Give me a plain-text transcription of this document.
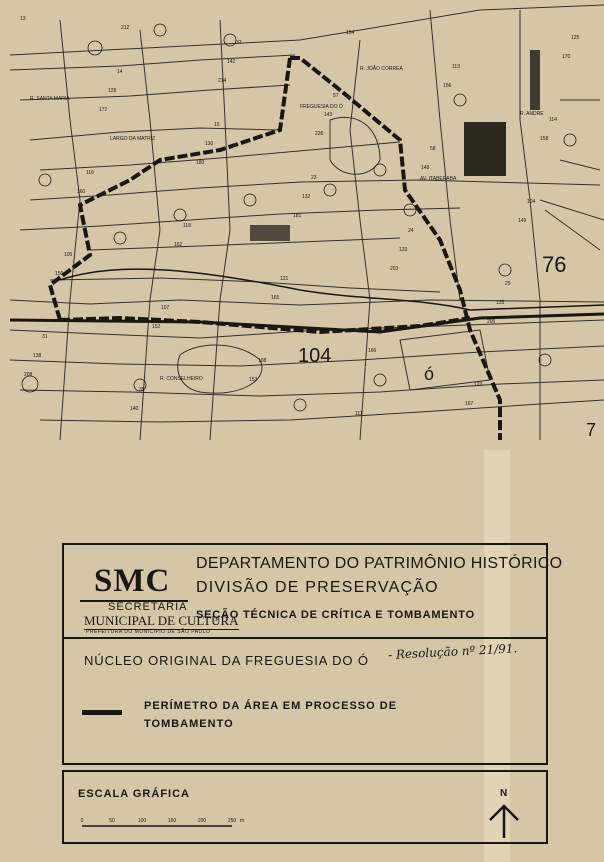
13
14
15
23
24
29
31
35
37
57
58
104
105
107
108
111
113
114
116
118
121
122
123
125
128
130
132
133
135
138
140
142
143
148
149
150
152
153
154
156
158
160
162
165
166
167
170
172
180
181
203
205
208
212
214
226
FREGUESIA DO Ó
LARGO DA MATRIZ
R. SANTA MARIA
R. CONSELHEIRO
AV. ITABERABA
R. JOÃO CORREA
R. ANDRE
76
104
7
ó
SMC
SECRETARIA
MUNICIPAL DE CULTURA
PREFEITURA DO MUNICÍPIO DE SÃO PAULO
DEPARTAMENTO DO PATRIMÔNIO HISTÓRICO
DIVISÃO DE PRESERVAÇÃO
SEÇÃO TÉCNICA DE CRÍTICA E TOMBAMENTO
NÚCLEO ORIGINAL DA FREGUESIA DO Ó - Resolução nº 21/91.
PERÍMETRO DA ÁREA EM PROCESSO DE TOMBAMENTO
ESCALA GRÁFICA
0	50	100	150	200	250 m
N
